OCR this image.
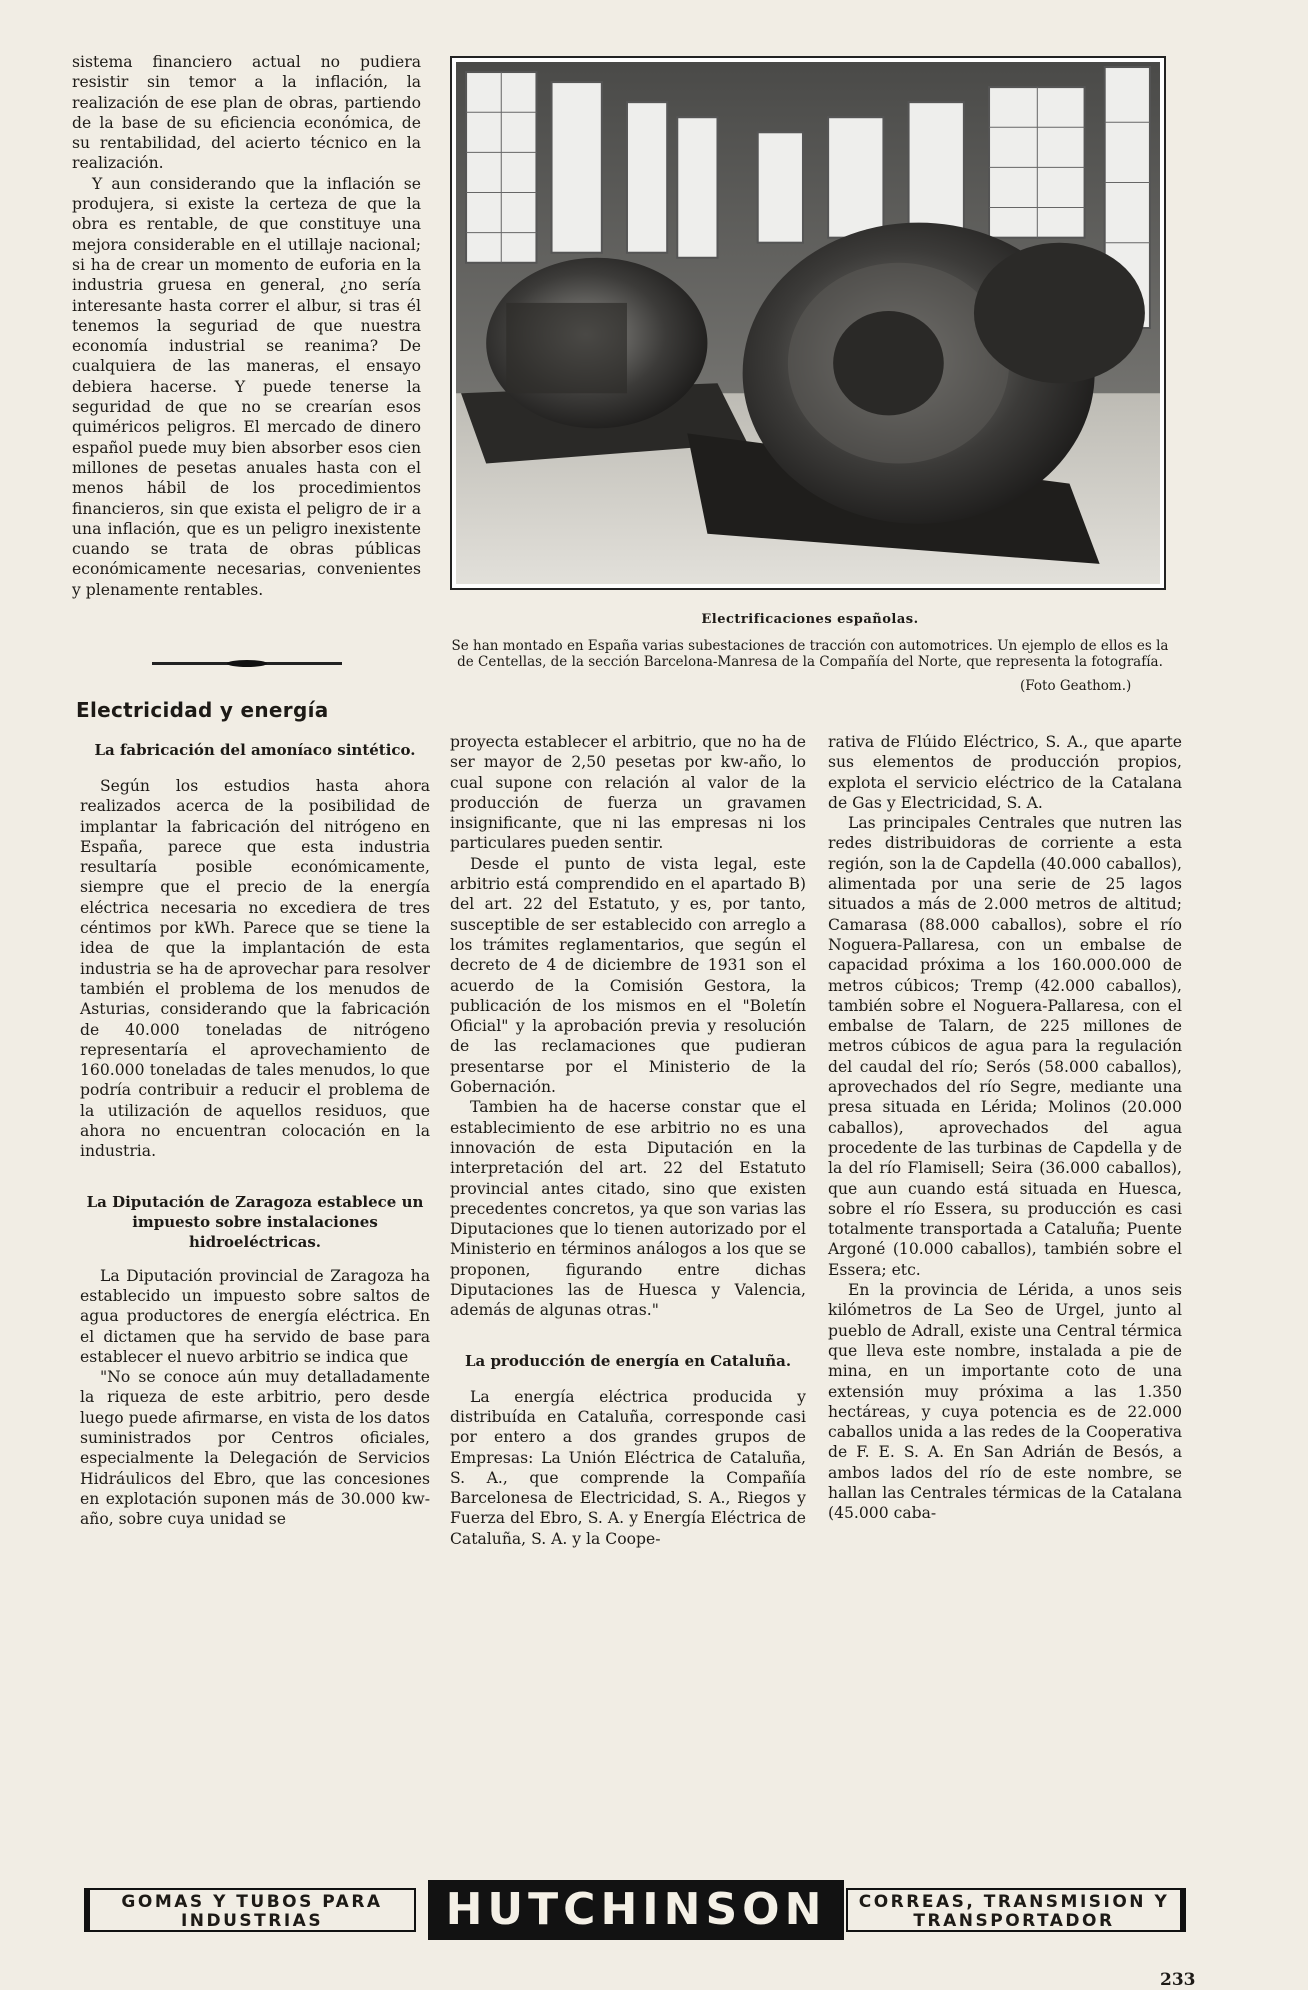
sistema financiero actual no pudiera resistir sin temor a la inflación, la realización de ese plan de obras, partiendo de la base de su eficiencia económica, de su rentabilidad, del acierto técnico en la realización.

Y aun considerando que la inflación se produjera, si existe la certeza de que la obra es rentable, de que constituye una mejora considerable en el utillaje nacional; si ha de crear un momento de euforia en la industria gruesa en general, ¿no sería interesante hasta correr el albur, si tras él tenemos la seguriad de que nuestra economía industrial se reanima? De cualquiera de las maneras, el ensayo debiera hacerse. Y puede tenerse la seguridad de que no se crearían esos quiméricos peligros. El mercado de dinero español puede muy bien absorber esos cien millones de pesetas anuales hasta con el menos hábil de los procedimientos financieros, sin que exista el peligro de ir a una inflación, que es un peligro inexistente cuando se trata de obras públicas económicamente necesarias, convenientes y plenamente rentables.

Electrificaciones españolas.
Se han montado en España varias subestaciones de tracción con automotrices. Un ejemplo de ellos es la de Centellas, de la sección Barcelona-Manresa de la Compañía del Norte, que representa la fotografía.
(Foto Geathom.)
Electricidad y energía
La fabricación del amoníaco sintético.

Según los estudios hasta ahora realizados acerca de la posibilidad de implantar la fabricación del nitrógeno en España, parece que esta industria resultaría posible económicamente, siempre que el precio de la energía eléctrica necesaria no excediera de tres céntimos por kWh. Parece que se tiene la idea de que la implantación de esta industria se ha de aprovechar para resolver también el problema de los menudos de Asturias, considerando que la fabricación de 40.000 toneladas de nitrógeno representaría el aprovechamiento de 160.000 toneladas de tales menudos, lo que podría contribuir a reducir el problema de la utilización de aquellos residuos, que ahora no encuentran colocación en la industria.

La Diputación de Zaragoza establece un impuesto sobre instalaciones hidroeléctricas.

La Diputación provincial de Zaragoza ha establecido un impuesto sobre saltos de agua productores de energía eléctrica. En el dictamen que ha servido de base para establecer el nuevo arbitrio se indica que

"No se conoce aún muy detalladamente la riqueza de este arbitrio, pero desde luego puede afirmarse, en vista de los datos suministrados por Centros oficiales, especialmente la Delegación de Servicios Hidráulicos del Ebro, que las concesiones en explotación suponen más de 30.000 kw-año, sobre cuya unidad se

proyecta establecer el arbitrio, que no ha de ser mayor de 2,50 pesetas por kw-año, lo cual supone con relación al valor de la producción de fuerza un gravamen insignificante, que ni las empresas ni los particulares pueden sentir.

Desde el punto de vista legal, este arbitrio está comprendido en el apartado B) del art. 22 del Estatuto, y es, por tanto, susceptible de ser establecido con arreglo a los trámites reglamentarios, que según el decreto de 4 de diciembre de 1931 son el acuerdo de la Comisión Gestora, la publicación de los mismos en el "Boletín Oficial" y la aprobación previa y resolución de las reclamaciones que pudieran presentarse por el Ministerio de la Gobernación.

Tambien ha de hacerse constar que el establecimiento de ese arbitrio no es una innovación de esta Diputación en la interpretación del art. 22 del Estatuto provincial antes citado, sino que existen precedentes concretos, ya que son varias las Diputaciones que lo tienen autorizado por el Ministerio en términos análogos a los que se proponen, figurando entre dichas Diputaciones las de Huesca y Valencia, además de algunas otras."

La producción de energía en Cataluña.

La energía eléctrica producida y distribuída en Cataluña, corresponde casi por entero a dos grandes grupos de Empresas: La Unión Eléctrica de Cataluña, S. A., que comprende la Compañía Barcelonesa de Electricidad, S. A., Riegos y Fuerza del Ebro, S. A. y Energía Eléctrica de Cataluña, S. A. y la Coope-

rativa de Flúido Eléctrico, S. A., que aparte sus elementos de producción propios, explota el servicio eléctrico de la Catalana de Gas y Electricidad, S. A.

Las principales Centrales que nutren las redes distribuidoras de corriente a esta región, son la de Capdella (40.000 caballos), alimentada por una serie de 25 lagos situados a más de 2.000 metros de altitud; Camarasa (88.000 caballos), sobre el río Noguera-Pallaresa, con un embalse de capacidad próxima a los 160.000.000 de metros cúbicos; Tremp (42.000 caballos), también sobre el Noguera-Pallaresa, con el embalse de Talarn, de 225 millones de metros cúbicos de agua para la regulación del caudal del río; Serós (58.000 caballos), aprovechados del río Segre, mediante una presa situada en Lérida; Molinos (20.000 caballos), aprovechados del agua procedente de las turbinas de Capdella y de la del río Flamisell; Seira (36.000 caballos), que aun cuando está situada en Huesca, sobre el río Essera, su producción es casi totalmente transportada a Cataluña; Puente Argoné (10.000 caballos), también sobre el Essera; etc.

En la provincia de Lérida, a unos seis kilómetros de La Seo de Urgel, junto al pueblo de Adrall, existe una Central térmica que lleva este nombre, instalada a pie de mina, en un importante coto de una extensión muy próxima a las 1.350 hectáreas, y cuya potencia es de 22.000 caballos unida a las redes de la Cooperativa de F. E. S. A. En San Adrián de Besós, a ambos lados del río de este nombre, se hallan las Centrales térmicas de la Catalana (45.000 caba-

GOMAS Y TUBOS PARA INDUSTRIAS	HUTCHINSON	CORREAS, TRANSMISION Y TRANSPORTADOR
233
